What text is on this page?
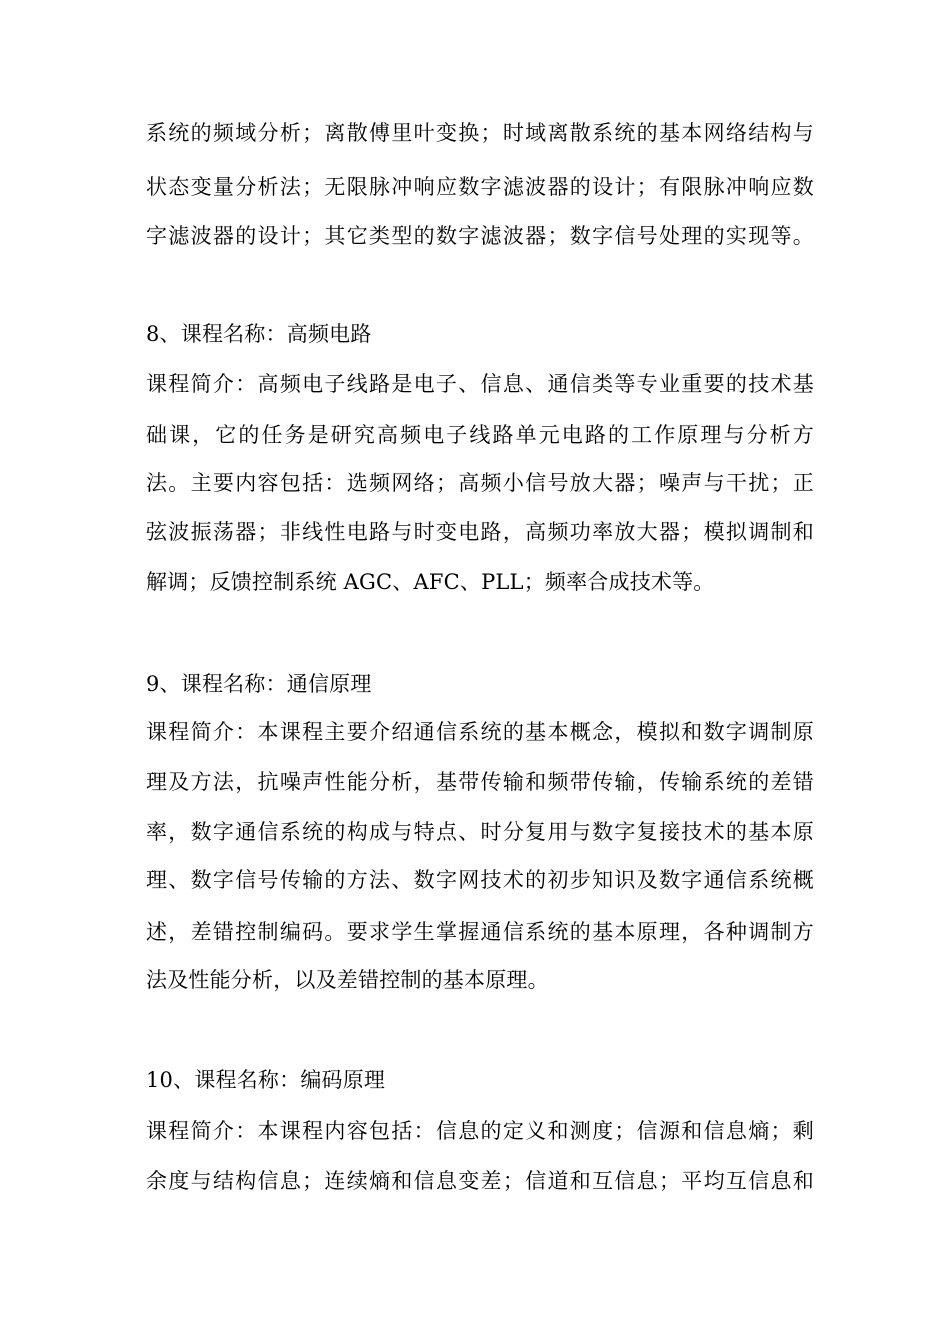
系统的频域分析；离散傅里叶变换；时域离散系统的基本网络结构与
状态变量分析法；无限脉冲响应数字滤波器的设计；有限脉冲响应数
字滤波器的设计；其它类型的数字滤波器；数字信号处理的实现等。
8、课程名称：高频电路
课程简介：高频电子线路是电子、信息、通信类等专业重要的技术基
础课，它的任务是研究高频电子线路单元电路的工作原理与分析方
法。主要内容包括：选频网络；高频小信号放大器；噪声与干扰；正
弦波振荡器；非线性电路与时变电路，高频功率放大器；模拟调制和
解调；反馈控制系统 AGC、AFC、PLL；频率合成技术等。
9、课程名称：通信原理
课程简介：本课程主要介绍通信系统的基本概念，模拟和数字调制原
理及方法，抗噪声性能分析，基带传输和频带传输，传输系统的差错
率，数字通信系统的构成与特点、时分复用与数字复接技术的基本原
理、数字信号传输的方法、数字网技术的初步知识及数字通信系统概
述，差错控制编码。要求学生掌握通信系统的基本原理，各种调制方
法及性能分析，以及差错控制的基本原理。
10、课程名称：编码原理
课程简介：本课程内容包括：信息的定义和测度；信源和信息熵；剩
余度与结构信息；连续熵和信息变差；信道和互信息；平均互信息和
